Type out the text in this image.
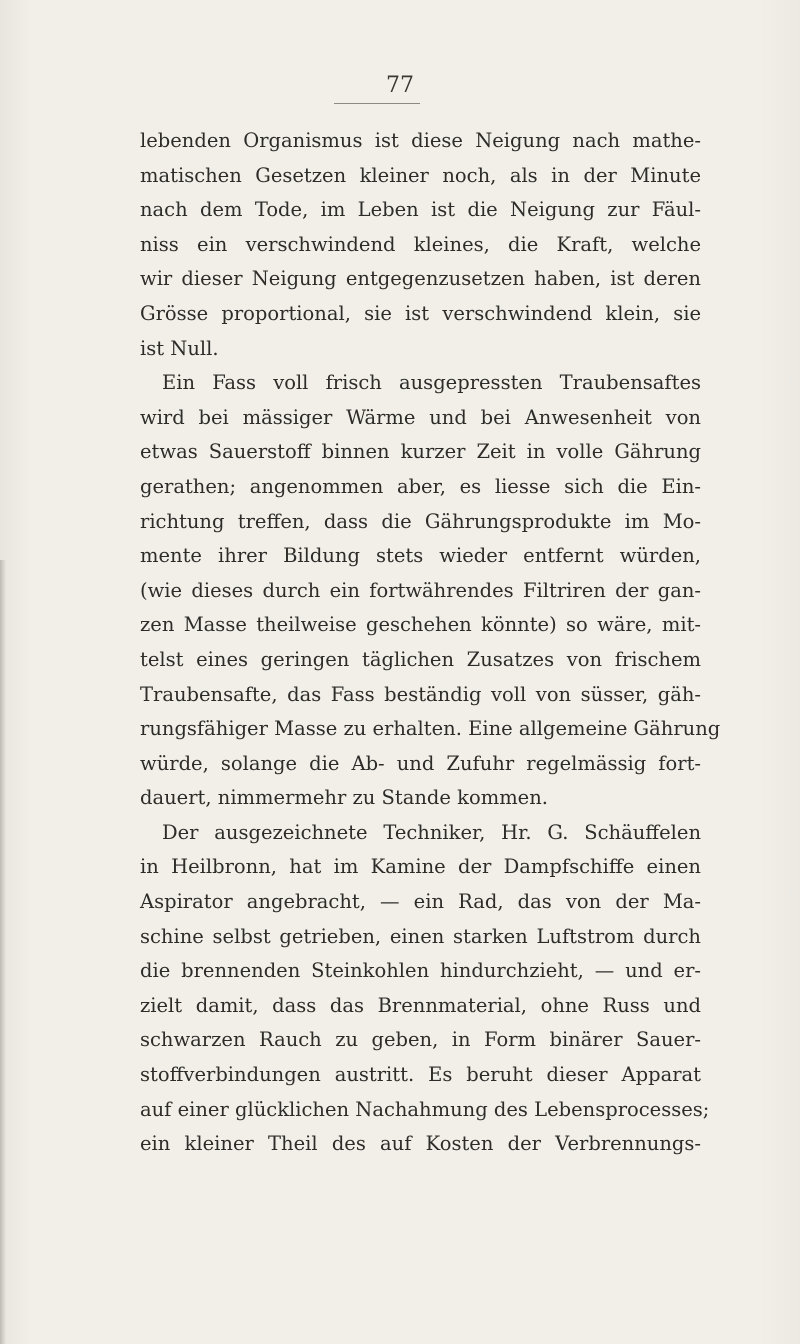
77
lebenden Organismus ist diese Neigung nach mathe-
matischen Gesetzen kleiner noch, als in der Minute
nach dem Tode, im Leben ist die Neigung zur Fäul-
niss ein verschwindend kleines, die Kraft, welche
wir dieser Neigung entgegenzusetzen haben, ist deren
Grösse proportional, sie ist verschwindend klein, sie
ist Null.
Ein Fass voll frisch ausgepressten Traubensaftes
wird bei mässiger Wärme und bei Anwesenheit von
etwas Sauerstoff binnen kurzer Zeit in volle Gährung
gerathen; angenommen aber, es liesse sich die Ein-
richtung treffen, dass die Gährungsprodukte im Mo-
mente ihrer Bildung stets wieder entfernt würden,
(wie dieses durch ein fortwährendes Filtriren der gan-
zen Masse theilweise geschehen könnte) so wäre, mit-
telst eines geringen täglichen Zusatzes von frischem
Traubensafte, das Fass beständig voll von süsser, gäh-
rungsfähiger Masse zu erhalten. Eine allgemeine Gährung
würde, solange die Ab- und Zufuhr regelmässig fort-
dauert, nimmermehr zu Stande kommen.
Der ausgezeichnete Techniker, Hr. G. Schäuffelen
in Heilbronn, hat im Kamine der Dampfschiffe einen
Aspirator angebracht, — ein Rad, das von der Ma-
schine selbst getrieben, einen starken Luftstrom durch
die brennenden Steinkohlen hindurchzieht, — und er-
zielt damit, dass das Brennmaterial, ohne Russ und
schwarzen Rauch zu geben, in Form binärer Sauer-
stoffverbindungen austritt. Es beruht dieser Apparat
auf einer glücklichen Nachahmung des Lebensprocesses;
ein kleiner Theil des auf Kosten der Verbrennungs-
